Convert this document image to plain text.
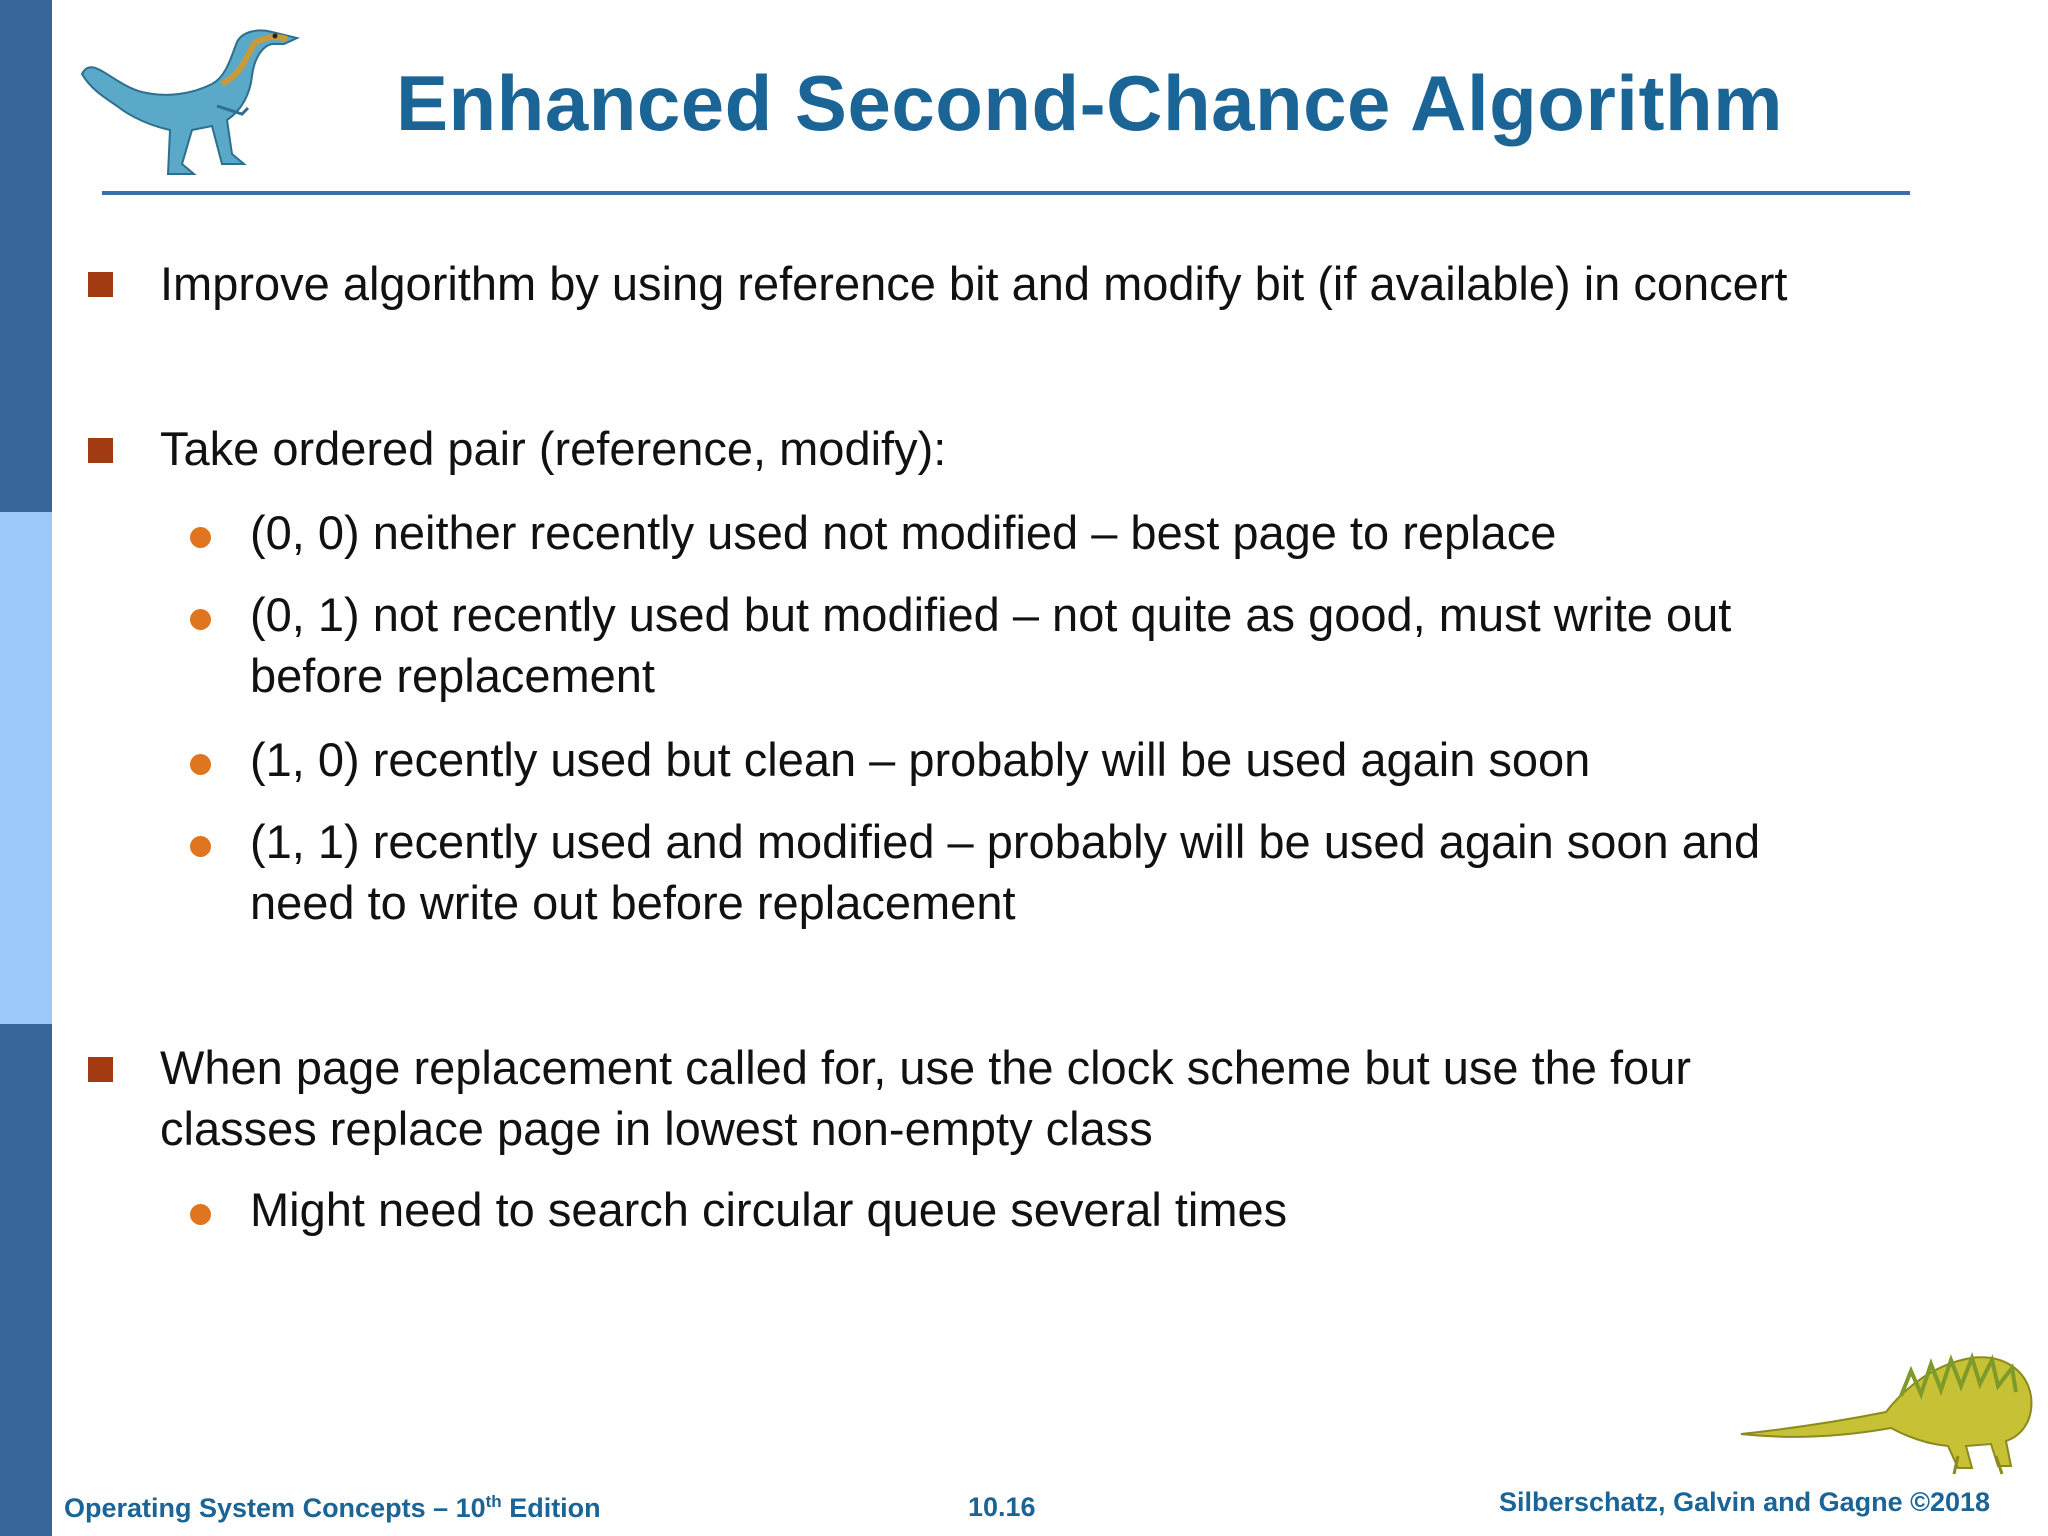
Enhanced Second-Chance Algorithm
Improve algorithm by using reference bit and modify bit (if available) in concert
Take ordered pair (reference, modify):
(0, 0) neither recently used not modified – best page to replace
(0, 1) not recently used but modified – not quite as good, must write out
before replacement
(1, 0) recently used but clean – probably will be used again soon
(1, 1) recently used and modified – probably will be used again soon and
need to write out before replacement
When page replacement called for, use the clock scheme but use the four
classes replace page in lowest non-empty class
Might need to search circular queue several times
Operating System Concepts – 10th Edition	10.16	Silberschatz, Galvin and Gagne ©2018
